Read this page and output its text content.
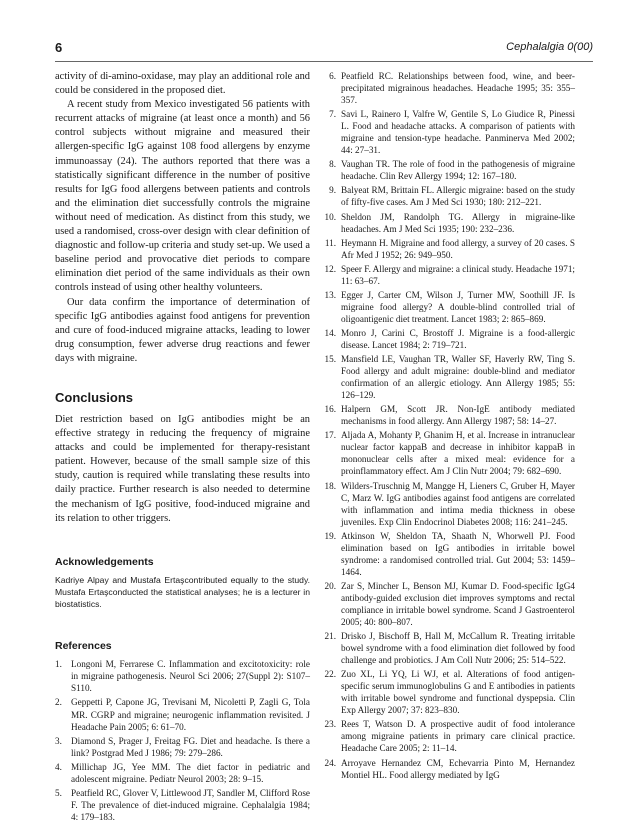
6	Cephalalgia 0(00)

activity of di-amino-oxidase, may play an additional role and could be considered in the proposed diet.

A recent study from Mexico investigated 56 patients with recurrent attacks of migraine (at least once a month) and 56 control subjects without migraine and measured their allergen-specific IgG against 108 food allergens by enzyme immunoassay (24). The authors reported that there was a statistically significant difference in the number of positive results for IgG food allergens between patients and controls and the elimination diet successfully controls the migraine without need of medication. As distinct from this study, we used a randomised, cross-over design with clear definition of diagnostic and follow-up criteria and study set-up. We used a baseline period and provocative diet periods to compare elimination diet period of the same individuals as their own controls instead of using other healthy volunteers.

Our data confirm the importance of determination of specific IgG antibodies against food antigens for prevention and cure of food-induced migraine attacks, leading to lower drug consumption, fewer adverse drug reactions and fewer days with migraine.

Conclusions

Diet restriction based on IgG antibodies might be an effective strategy in reducing the frequency of migraine attacks and could be implemented for therapy-resistant patient. However, because of the small sample size of this study, caution is required while translating these results into daily practice. Further research is also needed to determine the mechanism of IgG positive, food-induced migraine and its relation to other triggers.

Acknowledgements

Kadriye Alpay and Mustafa Ertaşcontributed equally to the study. Mustafa Ertaşconducted the statistical analyses; he is a lecturer in biostatistics.

References
1. Longoni M, Ferrarese C. Inflammation and excitotoxicity: role in migraine pathogenesis. Neurol Sci 2006; 27(Suppl 2): S107–S110.
2. Geppetti P, Capone JG, Trevisani M, Nicoletti P, Zagli G, Tola MR. CGRP and migraine; neurogenic inflammation revisited. J Headache Pain 2005; 6: 61–70.
3. Diamond S, Prager J, Freitag FG. Diet and headache. Is there a link? Postgrad Med J 1986; 79: 279–286.
4. Millichap JG, Yee MM. The diet factor in pediatric and adolescent migraine. Pediatr Neurol 2003; 28: 9–15.
5. Peatfield RC, Glover V, Littlewood JT, Sandler M, Clifford Rose F. The prevalence of diet-induced migraine. Cephalalgia 1984; 4: 179–183.
6. Peatfield RC. Relationships between food, wine, and beer-precipitated migrainous headaches. Headache 1995; 35: 355–357.
7. Savi L, Rainero I, Valfre W, Gentile S, Lo Giudice R, Pinessi L. Food and headache attacks. A comparison of patients with migraine and tension-type headache. Panminerva Med 2002; 44: 27–31.
8. Vaughan TR. The role of food in the pathogenesis of migraine headache. Clin Rev Allergy 1994; 12: 167–180.
9. Balyeat RM, Brittain FL. Allergic migraine: based on the study of fifty-five cases. Am J Med Sci 1930; 180: 212–221.
10. Sheldon JM, Randolph TG. Allergy in migraine-like headaches. Am J Med Sci 1935; 190: 232–236.
11. Heymann H. Migraine and food allergy, a survey of 20 cases. S Afr Med J 1952; 26: 949–950.
12. Speer F. Allergy and migraine: a clinical study. Headache 1971; 11: 63–67.
13. Egger J, Carter CM, Wilson J, Turner MW, Soothill JF. Is migraine food allergy? A double-blind controlled trial of oligoantigenic diet treatment. Lancet 1983; 2: 865–869.
14. Monro J, Carini C, Brostoff J. Migraine is a food-allergic disease. Lancet 1984; 2: 719–721.
15. Mansfield LE, Vaughan TR, Waller SF, Haverly RW, Ting S. Food allergy and adult migraine: double-blind and mediator confirmation of an allergic etiology. Ann Allergy 1985; 55: 126–129.
16. Halpern GM, Scott JR. Non-IgE antibody mediated mechanisms in food allergy. Ann Allergy 1987; 58: 14–27.
17. Aljada A, Mohanty P, Ghanim H, et al. Increase in intranuclear nuclear factor kappaB and decrease in inhibitor kappaB in mononuclear cells after a mixed meal: evidence for a proinflammatory effect. Am J Clin Nutr 2004; 79: 682–690.
18. Wilders-Truschnig M, Mangge H, Lieners C, Gruber H, Mayer C, Marz W. IgG antibodies against food antigens are correlated with inflammation and intima media thickness in obese juveniles. Exp Clin Endocrinol Diabetes 2008; 116: 241–245.
19. Atkinson W, Sheldon TA, Shaath N, Whorwell PJ. Food elimination based on IgG antibodies in irritable bowel syndrome: a randomised controlled trial. Gut 2004; 53: 1459–1464.
20. Zar S, Mincher L, Benson MJ, Kumar D. Food-specific IgG4 antibody-guided exclusion diet improves symptoms and rectal compliance in irritable bowel syndrome. Scand J Gastroenterol 2005; 40: 800–807.
21. Drisko J, Bischoff B, Hall M, McCallum R. Treating irritable bowel syndrome with a food elimination diet followed by food challenge and probiotics. J Am Coll Nutr 2006; 25: 514–522.
22. Zuo XL, Li YQ, Li WJ, et al. Alterations of food antigen-specific serum immunoglobulins G and E antibodies in patients with irritable bowel syndrome and functional dyspepsia. Clin Exp Allergy 2007; 37: 823–830.
23. Rees T, Watson D. A prospective audit of food intolerance among migraine patients in primary care clinical practice. Headache Care 2005; 2: 11–14.
24. Arroyave Hernandez CM, Echevarria Pinto M, Hernandez Montiel HL. Food allergy mediated by IgG
